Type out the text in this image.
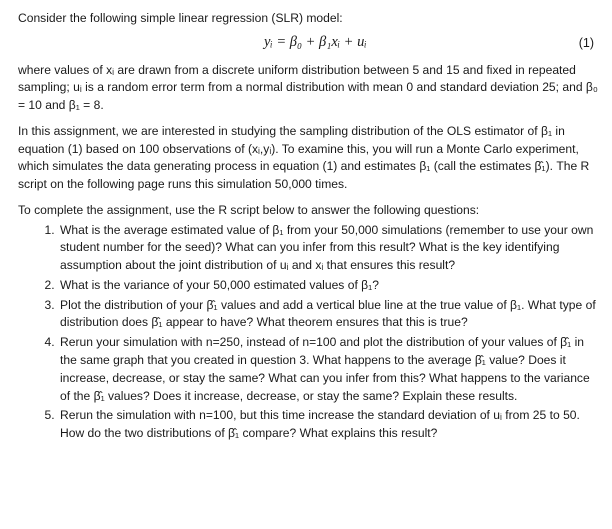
Consider the following simple linear regression (SLR) model:

yᵢ = β₀ + β₁xᵢ + uᵢ	(1)

where values of xᵢ are drawn from a discrete uniform distribution between 5 and 15 and fixed in repeated sampling; uᵢ is a random error term from a normal distribution with mean 0 and standard deviation 25; and β₀ = 10 and β₁ = 8.

In this assignment, we are interested in studying the sampling distribution of the OLS estimator of β₁ in equation (1) based on 100 observations of (xᵢ,yᵢ). To examine this, you will run a Monte Carlo experiment, which simulates the data generating process in equation (1) and estimates β₁ (call the estimates β̂₁). The R script on the following page runs this simulation 50,000 times.

To complete the assignment, use the R script below to answer the following questions:

1. What is the average estimated value of β₁ from your 50,000 simulations (remember to use your own student number for the seed)? What can you infer from this result? What is the key identifying assumption about the joint distribution of uᵢ and xᵢ that ensures this result?
2. What is the variance of your 50,000 estimated values of β₁?
3. Plot the distribution of your β̂₁ values and add a vertical blue line at the true value of β₁. What type of distribution does β̂₁ appear to have? What theorem ensures that this is true?
4. Rerun your simulation with n=250, instead of n=100 and plot the distribution of your values of β̂₁ in the same graph that you created in question 3. What happens to the average β̂₁ value? Does it increase, decrease, or stay the same? What can you infer from this? What happens to the variance of the β̂₁ values? Does it increase, decrease, or stay the same? Explain these results.
5. Rerun the simulation with n=100, but this time increase the standard deviation of uᵢ from 25 to 50. How do the two distributions of β̂₁ compare? What explains this result?
